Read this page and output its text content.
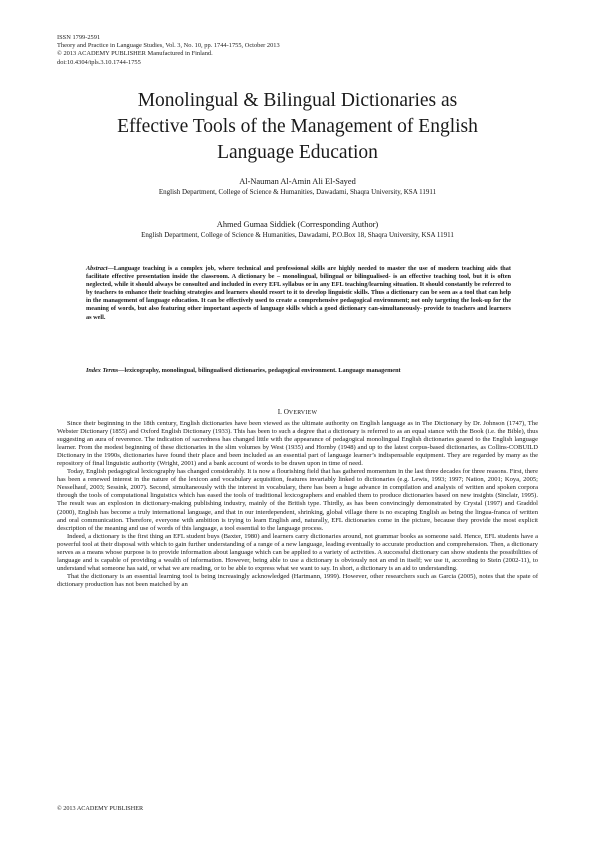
ISSN 1799-2591
Theory and Practice in Language Studies, Vol. 3, No. 10, pp. 1744-1755, October 2013
© 2013 ACADEMY PUBLISHER Manufactured in Finland.
doi:10.4304/tpls.3.10.1744-1755
Monolingual & Bilingual Dictionaries as
Effective Tools of the Management of English
Language Education
Al-Nauman Al-Amin Ali El-Sayed
English Department, College of Science & Humanities, Dawadami, Shaqra University, KSA 11911
Ahmed Gumaa Siddiek (Corresponding Author)
English Department, College of Science & Humanities, Dawadami, P.O.Box 18, Shaqra University, KSA 11911
Abstract—Language teaching is a complex job, where technical and professional skills are highly needed to master the use of modern teaching aids that facilitate effective presentation inside the classroom. A dictionary be – monolingual, bilingual or bilingualised- is an effective teaching tool, but it is often neglected, while it should always be consulted and included in every EFL syllabus or in any EFL teaching/learning situation. It should constantly be referred to by teachers to enhance their teaching strategies and learners should resort to it to develop linguistic skills. Thus a dictionary can be seen as a tool that can help in the management of language education. It can be effectively used to create a comprehensive pedagogical environment; not only targeting the look-up for the meaning of words, but also featuring other important aspects of language skills which a good dictionary can-simultaneously- provide to teachers and learners as well.
Index Terms—lexicography, monolingual, bilingualised dictionaries, pedagogical environment. Language management
I. OVERVIEW

Since their beginning in the 18th century, English dictionaries have been viewed as the ultimate authority on English language as in The Dictionary by Dr. Johnson (1747), The Webster Dictionary (1855) and Oxford English Dictionary (1933). This has been to such a degree that a dictionary is referred to as an equal stance with the Book (i.e. the Bible), thus suggesting an aura of reverence. The indication of sacredness has changed little with the appearance of pedagogical monolingual English dictionaries geared to the English language learner. From the modest beginning of these dictionaries in the slim volumes by West (1935) and Hornby (1948) and up to the latest corpus-based dictionaries, as Collins-COBUILD Dictionary in the 1990s, dictionaries have found their place and been included as an essential part of language learner’s indispensable equipment. They are regarded by many as the repository of final linguistic authority (Wright, 2001) and a bank account of words to be drawn upon in time of need.

Today, English pedagogical lexicography has changed considerably. It is now a flourishing field that has gathered momentum in the last three decades for three reasons. First, there has been a renewed interest in the nature of the lexicon and vocabulary acquisition, features invariably linked to dictionaries (e.g. Lewis, 1993; 1997; Nation, 2001; Koya, 2005; Nesselhauf, 2003; Sessink, 2007). Second, simultaneously with the interest in vocabulary, there has been a huge advance in compilation and analysis of written and spoken corpora through the tools of computational linguistics which has eased the tools of traditional lexicographers and enabled them to produce dictionaries based on new insights (Sinclair, 1995). The result was an explosion in dictionary-making publishing industry, mainly of the British type. Thirdly, as has been convincingly demonstrated by Crystal (1997) and Graddol (2000), English has become a truly international language, and that in our interdependent, shrinking, global village there is no escaping English as being the lingua-franca of written and oral communication. Therefore, everyone with ambition is trying to learn English and, naturally, EFL dictionaries come in the picture, because they provide the most explicit description of the meaning and use of words of this language, a tool essential to the language process.

Indeed, a dictionary is the first thing an EFL student buys (Baxter, 1980) and learners carry dictionaries around, not grammar books as someone said. Hence, EFL students have a powerful tool at their disposal with which to gain further understanding of a range of a new language, leading eventually to accurate production and comprehension. Then, a dictionary serves as a means whose purpose is to provide information about language which can be applied to a variety of activities. A successful dictionary can show students the possibilities of language and is capable of providing a wealth of information. However, being able to use a dictionary is obviously not an end in itself; we use it, according to Stein (2002-11), to understand what someone has said, or what we are reading, or to be able to express what we want to say. In short, a dictionary is an aid to understanding.

That the dictionary is an essential learning tool is being increasingly acknowledged (Hartmann, 1999). However, other researchers such as Garcia (2005), notes that the spate of dictionary production has not been matched by an

© 2013 ACADEMY PUBLISHER
